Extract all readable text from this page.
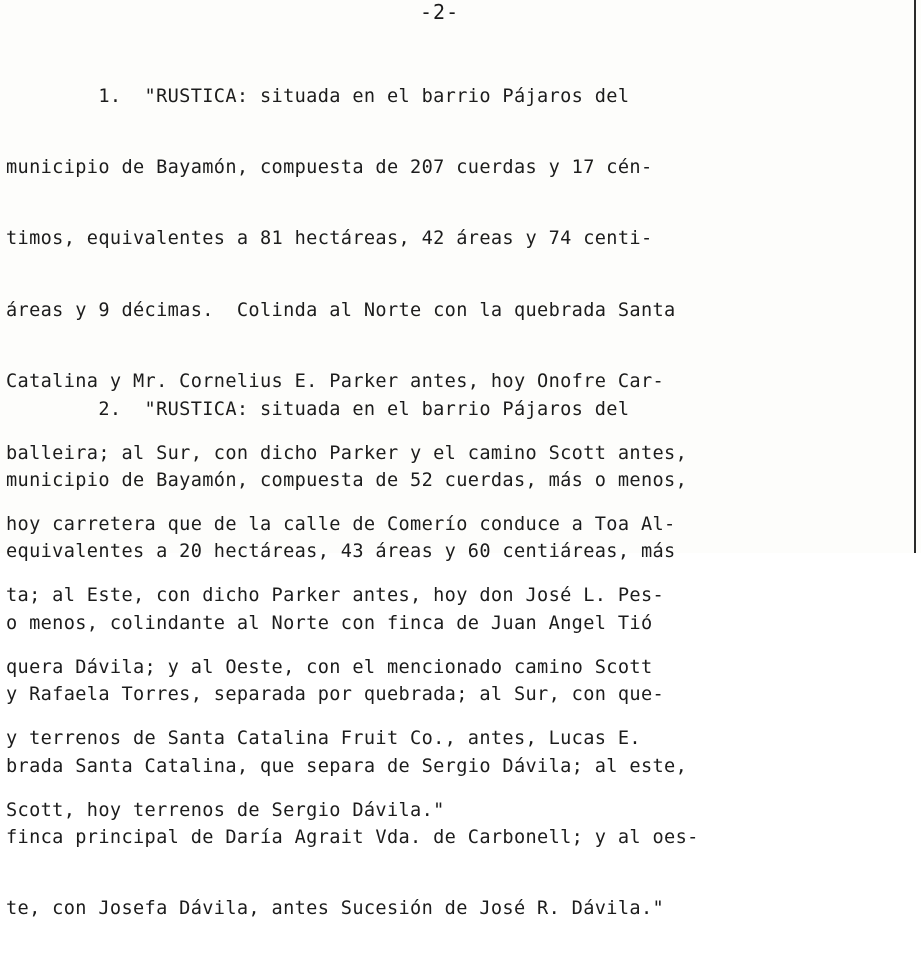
-2-

1.  "RUSTICA: situada en el barrio Pájaros del

municipio de Bayamón, compuesta de 207 cuerdas y 17 cén-

timos, equivalentes a 81 hectáreas, 42 áreas y 74 centi-

áreas y 9 décimas.  Colinda al Norte con la quebrada Santa

Catalina y Mr. Cornelius E. Parker antes, hoy Onofre Car-

balleira; al Sur, con dicho Parker y el camino Scott antes,

hoy carretera que de la calle de Comerío conduce a Toa Al-

ta; al Este, con dicho Parker antes, hoy don José L. Pes-

quera Dávila; y al Oeste, con el mencionado camino Scott

y terrenos de Santa Catalina Fruit Co., antes, Lucas E.

Scott, hoy terrenos de Sergio Dávila."

2.  "RUSTICA: situada en el barrio Pájaros del

municipio de Bayamón, compuesta de 52 cuerdas, más o menos,

equivalentes a 20 hectáreas, 43 áreas y 60 centiáreas, más

o menos, colindante al Norte con finca de Juan Angel Tió

y Rafaela Torres, separada por quebrada; al Sur, con que-

brada Santa Catalina, que separa de Sergio Dávila; al este,

finca principal de Daría Agrait Vda. de Carbonell; y al oes-

te, con Josefa Dávila, antes Sucesión de José R. Dávila."
